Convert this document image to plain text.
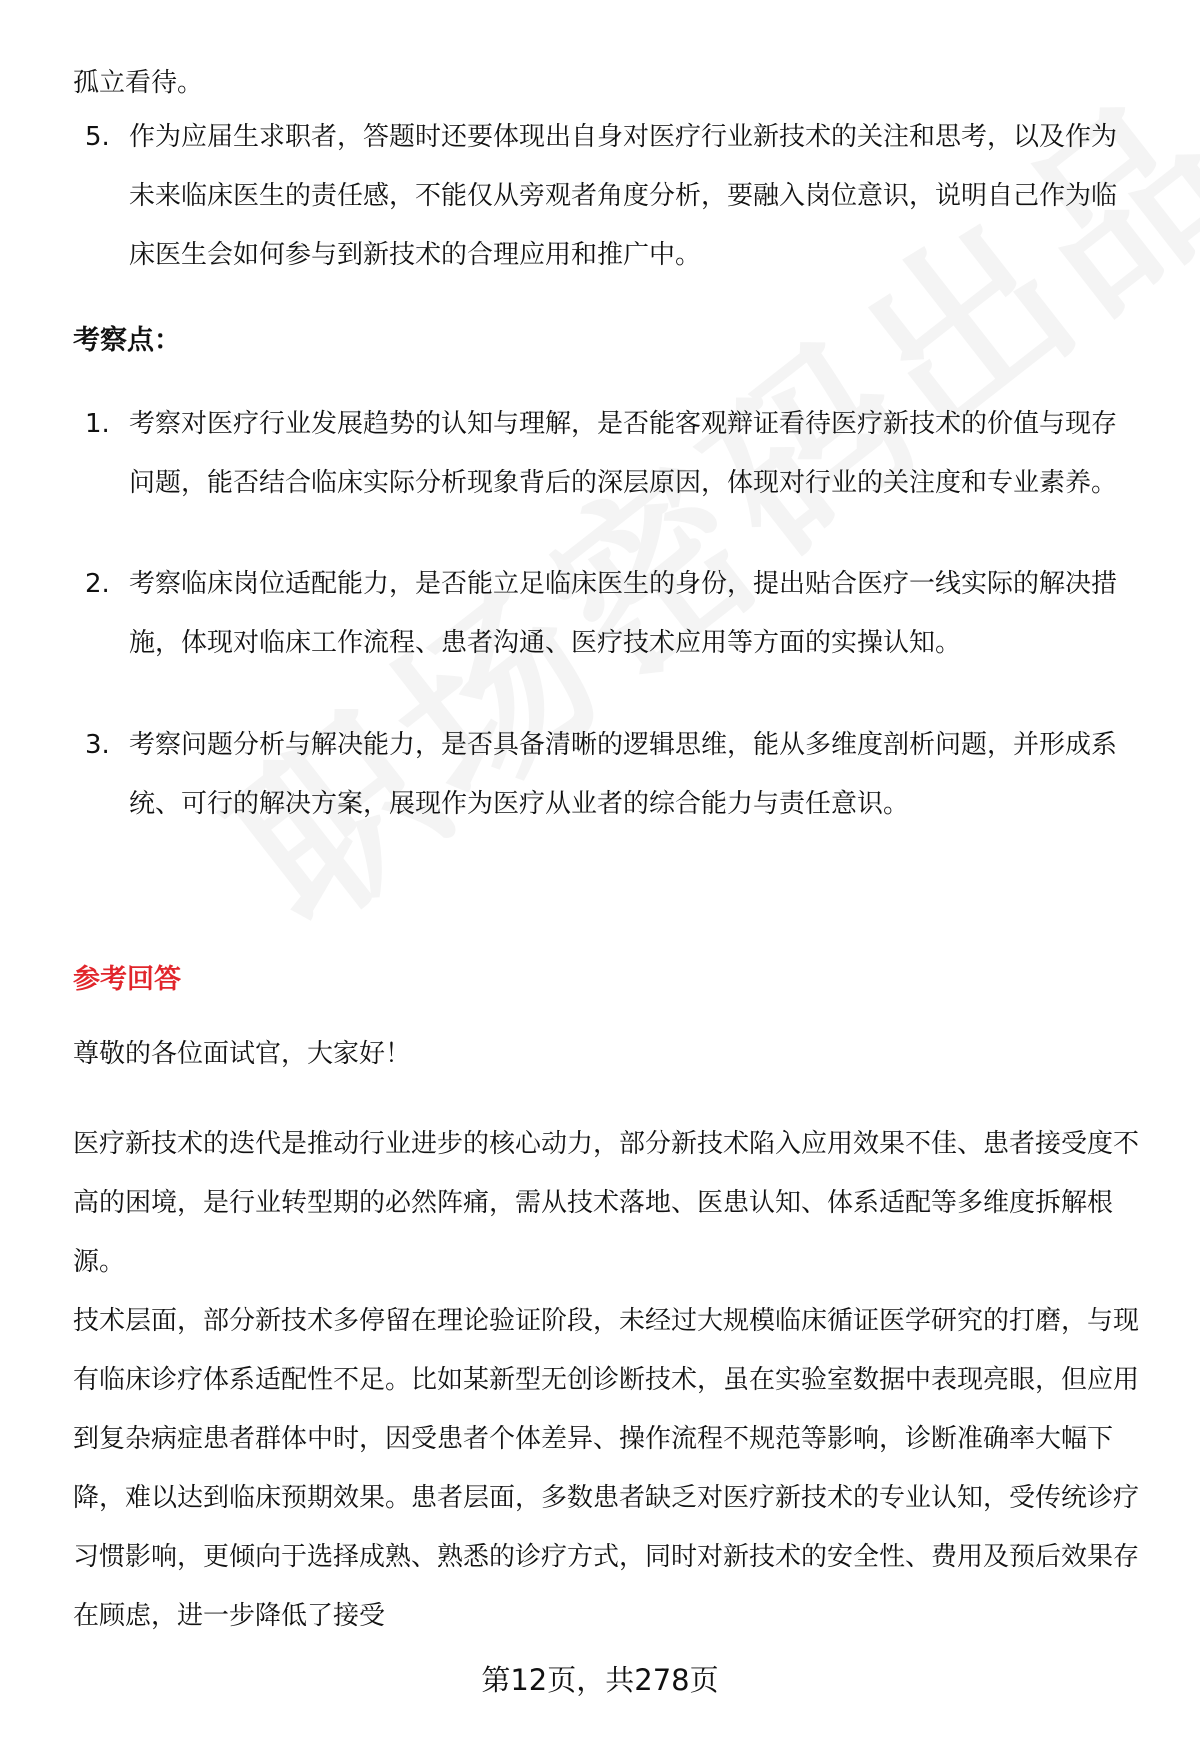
孤立看待。
5. 作为应届生求职者，答题时还要体现出自身对医疗行业新技术的关注和思考，以及作为未来临床医生的责任感，不能仅从旁观者角度分析，要融入岗位意识，说明自己作为临床医生会如何参与到新技术的合理应用和推广中。
考察点：
1. 考察对医疗行业发展趋势的认知与理解，是否能客观辩证看待医疗新技术的价值与现存问题，能否结合临床实际分析现象背后的深层原因，体现对行业的关注度和专业素养。
2. 考察临床岗位适配能力，是否能立足临床医生的身份，提出贴合医疗一线实际的解决措施，体现对临床工作流程、患者沟通、医疗技术应用等方面的实操认知。
3. 考察问题分析与解决能力，是否具备清晰的逻辑思维，能从多维度剖析问题，并形成系统、可行的解决方案，展现作为医疗从业者的综合能力与责任意识。
参考回答
尊敬的各位面试官，大家好！
医疗新技术的迭代是推动行业进步的核心动力，部分新技术陷入应用效果不佳、患者接受度不高的困境，是行业转型期的必然阵痛，需从技术落地、医患认知、体系适配等多维度拆解根源。
技术层面，部分新技术多停留在理论验证阶段，未经过大规模临床循证医学研究的打磨，与现有临床诊疗体系适配性不足。比如某新型无创诊断技术，虽在实验室数据中表现亮眼，但应用到复杂病症患者群体中时，因受患者个体差异、操作流程不规范等影响，诊断准确率大幅下降，难以达到临床预期效果。患者层面，多数患者缺乏对医疗新技术的专业认知，受传统诊疗习惯影响，更倾向于选择成熟、熟悉的诊疗方式，同时对新技术的安全性、费用及预后效果存在顾虑，进一步降低了接受
第12页，共278页
